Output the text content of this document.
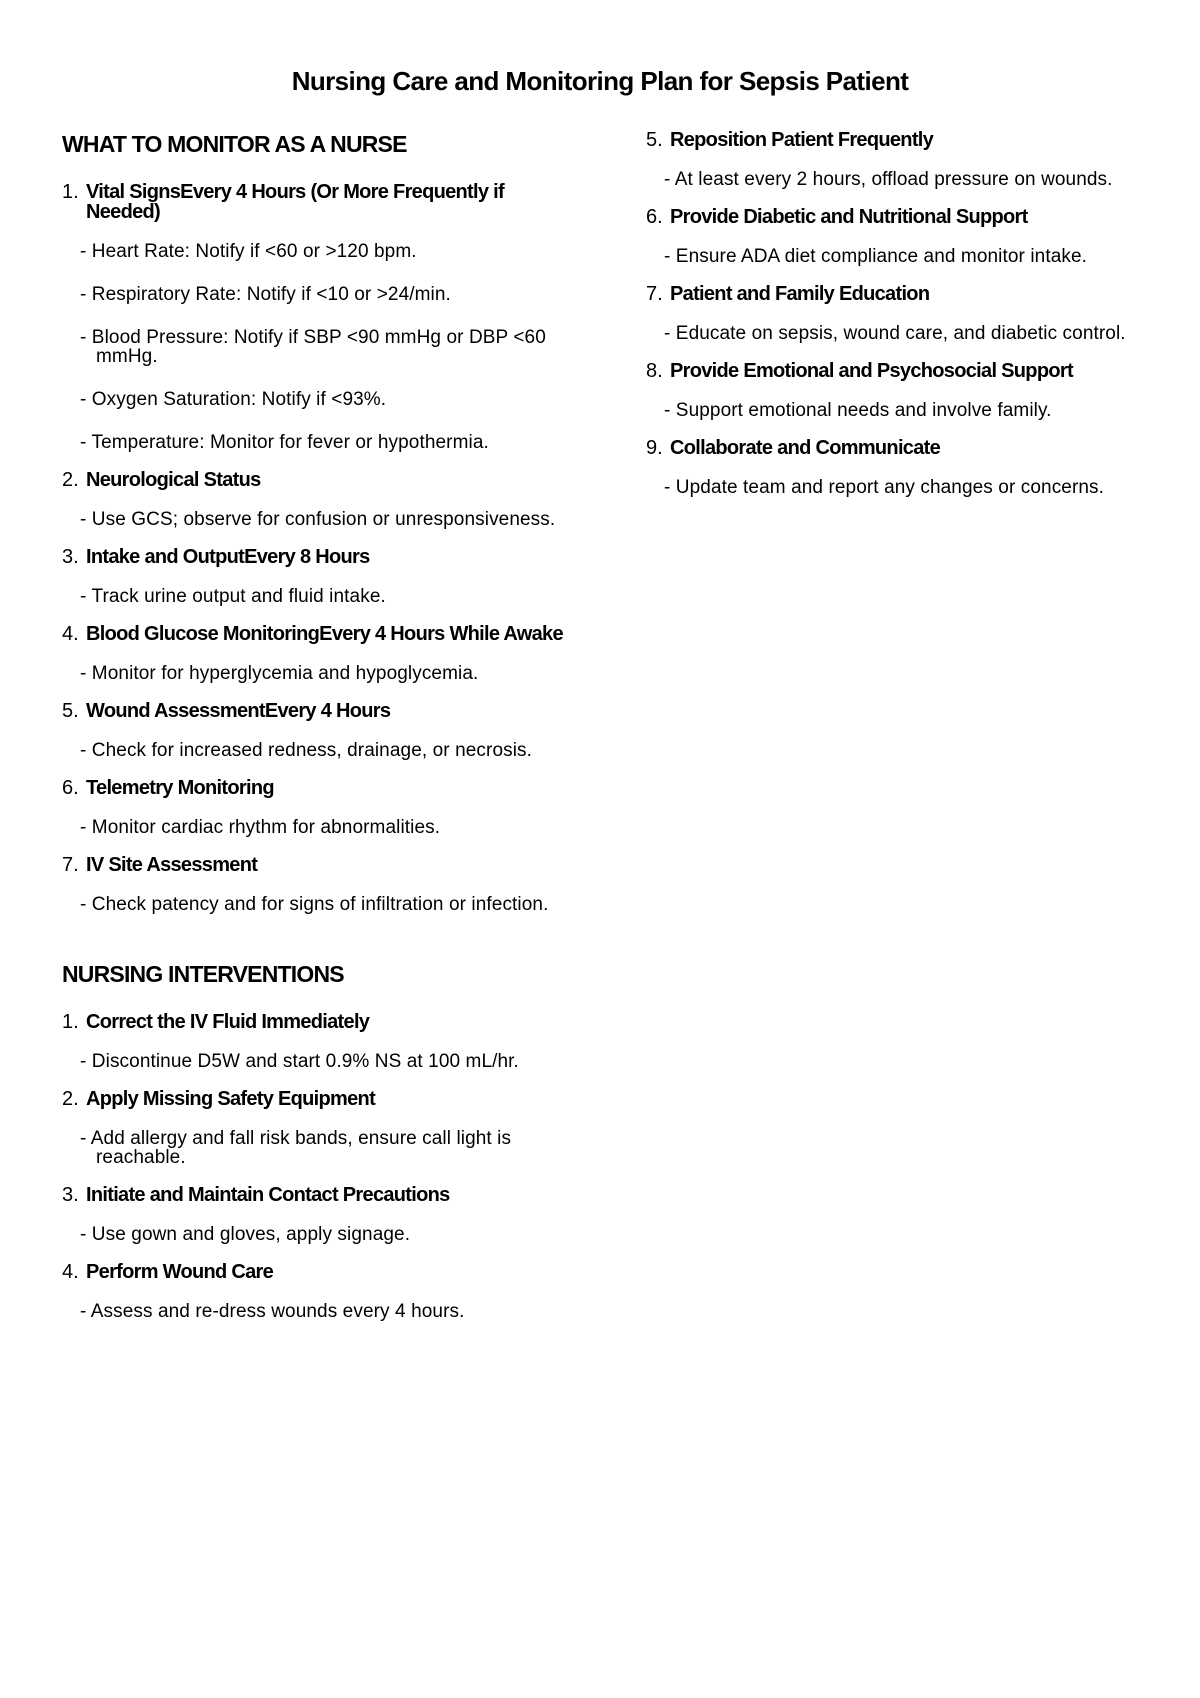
Nursing Care and Monitoring Plan for Sepsis Patient
WHAT TO MONITOR AS A NURSE
1. Vital SignsEvery 4 Hours (Or More Frequently if Needed)
- Heart Rate: Notify if <60 or >120 bpm.
- Respiratory Rate: Notify if <10 or >24/min.
- Blood Pressure: Notify if SBP <90 mmHg or DBP <60 mmHg.
- Oxygen Saturation: Notify if <93%.
- Temperature: Monitor for fever or hypothermia.
2. Neurological Status
- Use GCS; observe for confusion or unresponsiveness.
3. Intake and OutputEvery 8 Hours
- Track urine output and fluid intake.
4. Blood Glucose MonitoringEvery 4 Hours While Awake
- Monitor for hyperglycemia and hypoglycemia.
5. Wound AssessmentEvery 4 Hours
- Check for increased redness, drainage, or necrosis.
6. Telemetry Monitoring
- Monitor cardiac rhythm for abnormalities.
7. IV Site Assessment
- Check patency and for signs of infiltration or infection.
NURSING INTERVENTIONS
1. Correct the IV Fluid Immediately
- Discontinue D5W and start 0.9% NS at 100 mL/hr.
2. Apply Missing Safety Equipment
- Add allergy and fall risk bands, ensure call light is reachable.
3. Initiate and Maintain Contact Precautions
- Use gown and gloves, apply signage.
4. Perform Wound Care
- Assess and re-dress wounds every 4 hours.
5. Reposition Patient Frequently
- At least every 2 hours, offload pressure on wounds.
6. Provide Diabetic and Nutritional Support
- Ensure ADA diet compliance and monitor intake.
7. Patient and Family Education
- Educate on sepsis, wound care, and diabetic control.
8. Provide Emotional and Psychosocial Support
- Support emotional needs and involve family.
9. Collaborate and Communicate
- Update team and report any changes or concerns.
